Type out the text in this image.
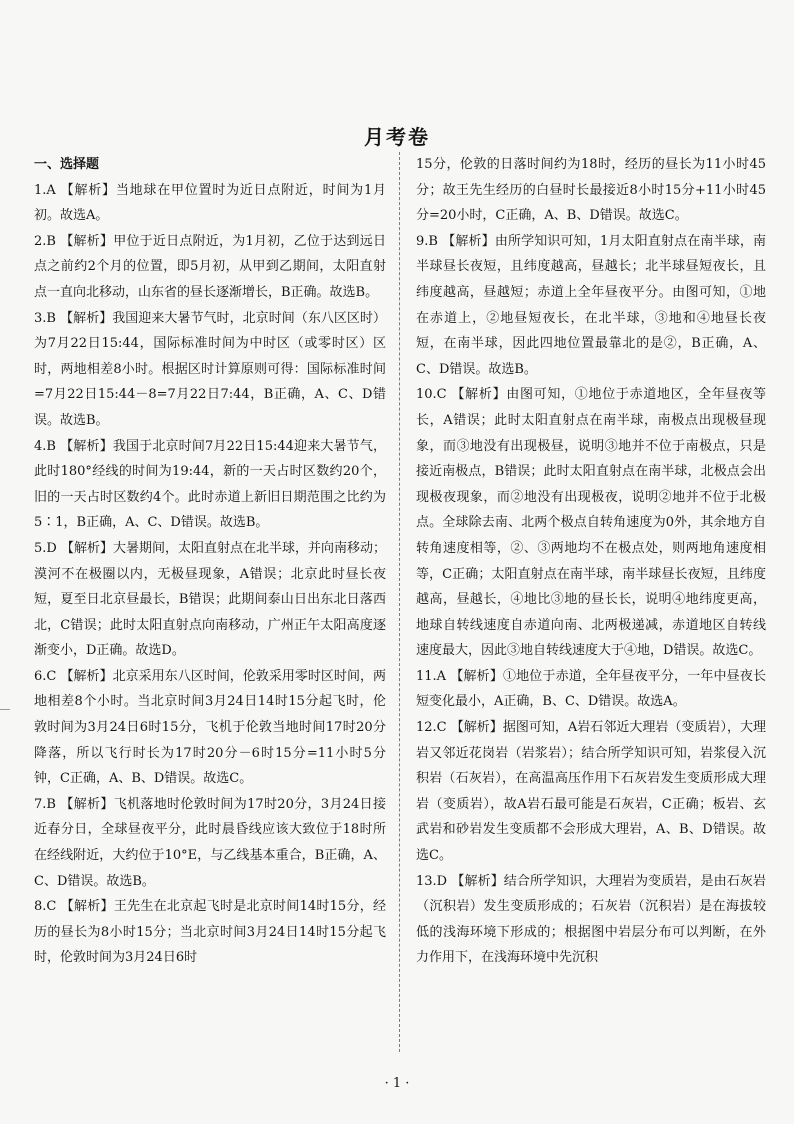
月考卷
一、选择题

1.A 【解析】当地球在甲位置时为近日点附近，时间为1月初。故选A。

2.B 【解析】甲位于近日点附近，为1月初，乙位于达到远日点之前约2个月的位置，即5月初，从甲到乙期间，太阳直射点一直向北移动，山东省的昼长逐渐增长，B正确。故选B。

3.B 【解析】我国迎来大暑节气时，北京时间（东八区区时）为7月22日15:44，国际标准时间为中时区（或零时区）区时，两地相差8小时。根据区时计算原则可得：国际标准时间=7月22日15:44－8=7月22日7:44，B正确，A、C、D错误。故选B。

4.B 【解析】我国于北京时间7月22日15:44迎来大暑节气，此时180°经线的时间为19:44，新的一天占时区数约20个，旧的一天占时区数约4个。此时赤道上新旧日期范围之比约为5∶1，B正确，A、C、D错误。故选B。

5.D 【解析】大暑期间，太阳直射点在北半球，并向南移动；漠河不在极圈以内，无极昼现象，A错误；北京此时昼长夜短，夏至日北京昼最长，B错误；此期间泰山日出东北日落西北，C错误；此时太阳直射点向南移动，广州正午太阳高度逐渐变小，D正确。故选D。

6.C 【解析】北京采用东八区时间，伦敦采用零时区时间，两地相差8个小时。当北京时间3月24日14时15分起飞时，伦敦时间为3月24日6时15分，飞机于伦敦当地时间17时20分降落，所以飞行时长为17时20分－6时15分=11小时5分钟，C正确，A、B、D错误。故选C。

7.B 【解析】飞机落地时伦敦时间为17时20分，3月24日接近春分日，全球昼夜平分，此时晨昏线应该大致位于18时所在经线附近，大约位于10°E，与乙线基本重合，B正确，A、C、D错误。故选B。

8.C 【解析】王先生在北京起飞时是北京时间14时15分，经历的昼长为8小时15分；当北京时间3月24日14时15分起飞时，伦敦时间为3月24日6时

15分，伦敦的日落时间约为18时，经历的昼长为11小时45分；故王先生经历的白昼时长最接近8小时15分+11小时45分=20小时，C正确，A、B、D错误。故选C。

9.B 【解析】由所学知识可知，1月太阳直射点在南半球，南半球昼长夜短，且纬度越高，昼越长；北半球昼短夜长，且纬度越高，昼越短；赤道上全年昼夜平分。由图可知，①地在赤道上，②地昼短夜长，在北半球，③地和④地昼长夜短，在南半球，因此四地位置最靠北的是②，B正确，A、C、D错误。故选B。

10.C 【解析】由图可知，①地位于赤道地区，全年昼夜等长，A错误；此时太阳直射点在南半球，南极点出现极昼现象，而③地没有出现极昼，说明③地并不位于南极点，只是接近南极点，B错误；此时太阳直射点在南半球，北极点会出现极夜现象，而②地没有出现极夜，说明②地并不位于北极点。全球除去南、北两个极点自转角速度为0外，其余地方自转角速度相等，②、③两地均不在极点处，则两地角速度相等，C正确；太阳直射点在南半球，南半球昼长夜短，且纬度越高，昼越长，④地比③地的昼长长，说明④地纬度更高，地球自转线速度自赤道向南、北两极递减，赤道地区自转线速度最大，因此③地自转线速度大于④地，D错误。故选C。

11.A 【解析】①地位于赤道，全年昼夜平分，一年中昼夜长短变化最小，A正确，B、C、D错误。故选A。

12.C 【解析】据图可知，A岩石邻近大理岩（变质岩），大理岩又邻近花岗岩（岩浆岩）；结合所学知识可知，岩浆侵入沉积岩（石灰岩），在高温高压作用下石灰岩发生变质形成大理岩（变质岩），故A岩石最可能是石灰岩，C正确；板岩、玄武岩和砂岩发生变质都不会形成大理岩，A、B、D错误。故选C。

13.D 【解析】结合所学知识，大理岩为变质岩，是由石灰岩（沉积岩）发生变质形成的；石灰岩（沉积岩）是在海拔较低的浅海环境下形成的；根据图中岩层分布可以判断，在外力作用下，在浅海环境中先沉积

· 1 ·
